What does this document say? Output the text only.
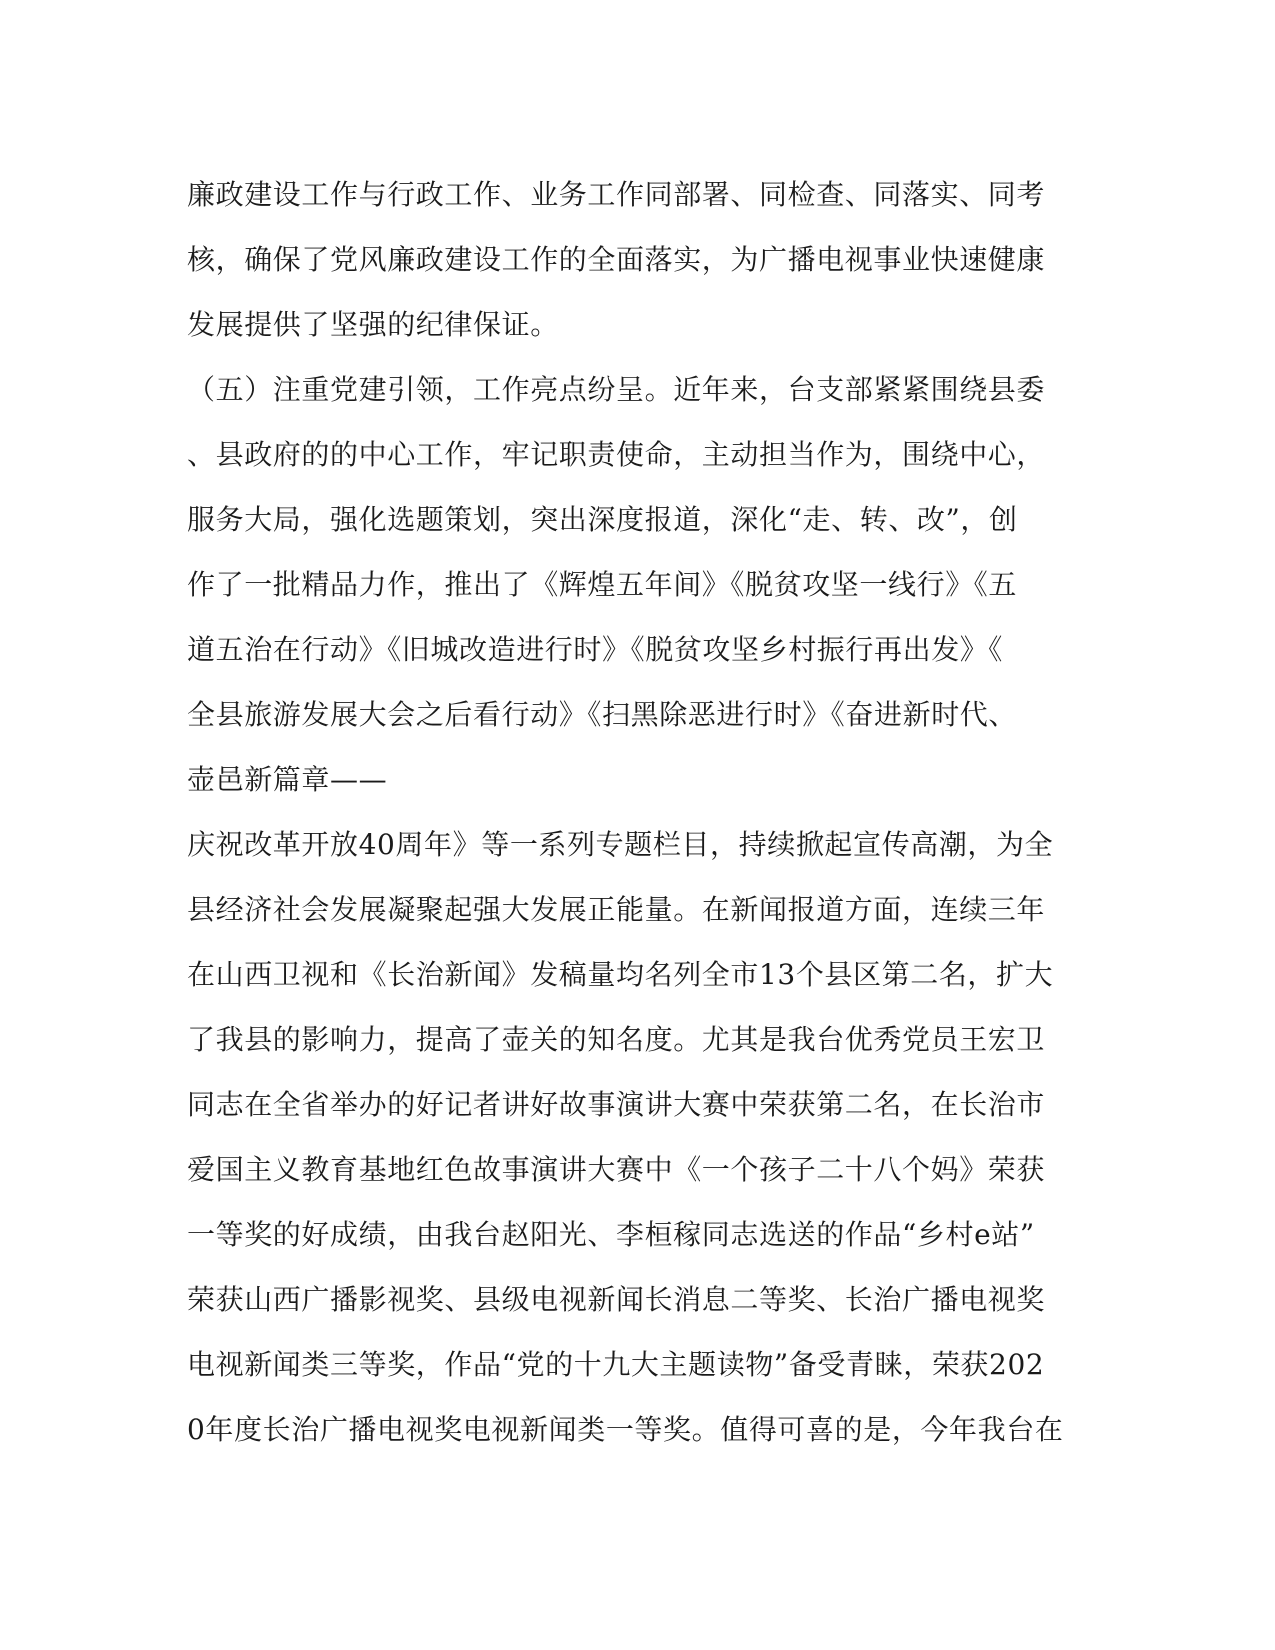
廉政建设工作与行政工作、业务工作同部署、同检查、同落实、同考
核，确保了党风廉政建设工作的全面落实，为广播电视事业快速健康
发展提供了坚强的纪律保证。
（五）注重党建引领，工作亮点纷呈。近年来，台支部紧紧围绕县委
、县政府的的中心工作，牢记职责使命，主动担当作为，围绕中心，
服务大局，强化选题策划，突出深度报道，深化“走、转、改”，创
作了一批精品力作，推出了《辉煌五年间》《脱贫攻坚一线行》《五
道五治在行动》《旧城改造进行时》《脱贫攻坚乡村振行再出发》《
全县旅游发展大会之后看行动》《扫黑除恶进行时》《奋进新时代、
壶邑新篇章——
庆祝改革开放40周年》等一系列专题栏目，持续掀起宣传高潮，为全
县经济社会发展凝聚起强大发展正能量。在新闻报道方面，连续三年
在山西卫视和《长治新闻》发稿量均名列全市13个县区第二名，扩大
了我县的影响力，提高了壶关的知名度。尤其是我台优秀党员王宏卫
同志在全省举办的好记者讲好故事演讲大赛中荣获第二名，在长治市
爱国主义教育基地红色故事演讲大赛中《一个孩子二十八个妈》荣获
一等奖的好成绩，由我台赵阳光、李桓稼同志选送的作品“乡村e站”
荣获山西广播影视奖、县级电视新闻长消息二等奖、长治广播电视奖
电视新闻类三等奖，作品“党的十九大主题读物”备受青睐，荣获202
0年度长治广播电视奖电视新闻类一等奖。值得可喜的是，今年我台在
